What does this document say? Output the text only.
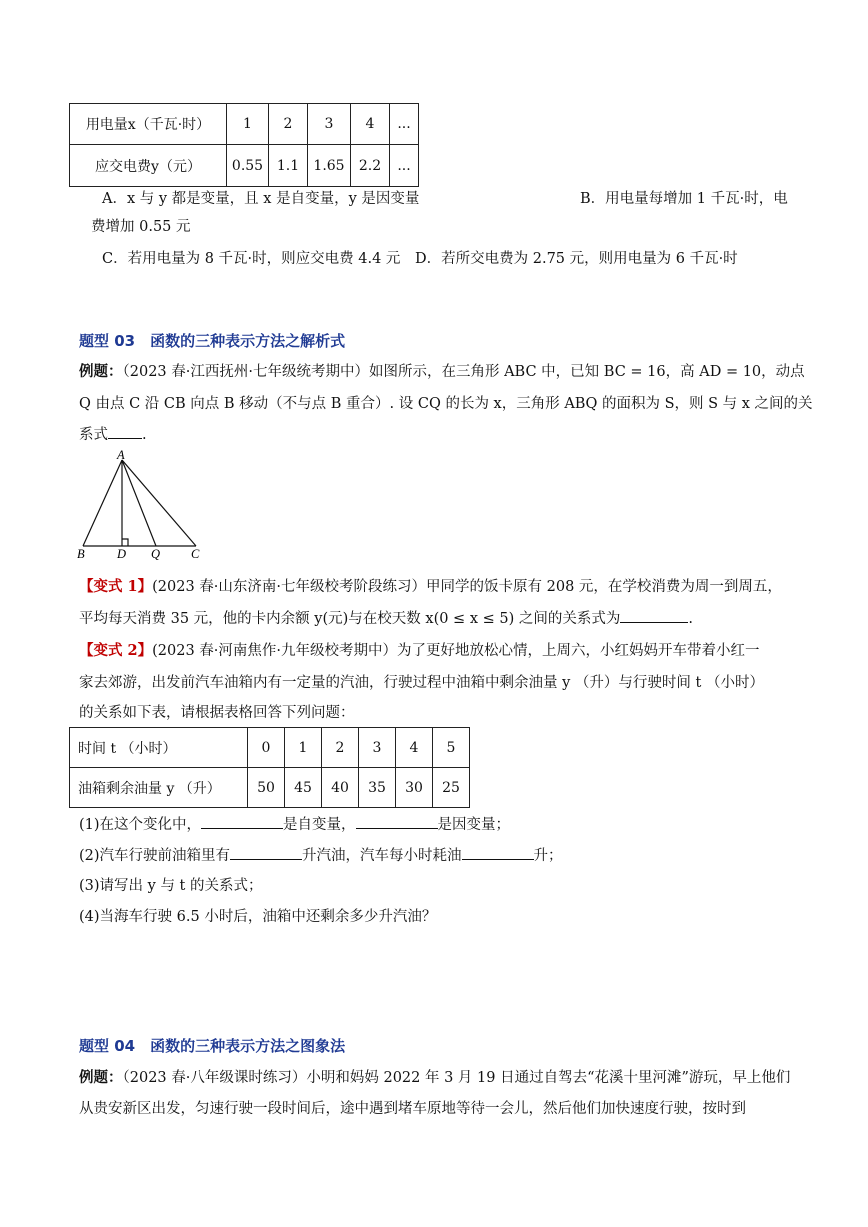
用电量x（千瓦·时）	1	2	3	4	...
应交电费y（元）	0.55	1.1	1.65	2.2	...
A．x 与 y 都是变量，且 x 是自变量，y 是因变量	B．用电量每增加 1 千瓦·时，电
费增加 0.55 元
C．若用电量为 8 千瓦·时，则应交电费 4.4 元 D．若所交电费为 2.75 元，则用电量为 6 千瓦·时
题型 03　函数的三种表示方法之解析式
例题：（2023 春·江西抚州·七年级统考期中）如图所示，在三角形 ABC 中，已知 BC = 16，高 AD = 10，动点
Q 由点 C 沿 CB 向点 B 移动（不与点 B 重合）. 设 CQ 的长为 x，三角形 ABQ 的面积为 S，则 S 与 x 之间的关
系式 .
A
B	D Q C
【变式 1】(2023 春·山东济南·七年级校考阶段练习）甲同学的饭卡原有 208 元，在学校消费为周一到周五，
平均每天消费 35 元，他的卡内余额 y(元)与在校天数 x(0 ≤ x ≤ 5) 之间的关系式为	.
【变式 2】(2023 春·河南焦作·九年级校考期中）为了更好地放松心情，上周六，小红妈妈开车带着小红一
家去郊游，出发前汽车油箱内有一定量的汽油，行驶过程中油箱中剩余油量 y （升）与行驶时间 t （小时）
的关系如下表，请根据表格回答下列问题：
时间 t （小时）	0	1	2	3	4	5
油箱剩余油量 y （升）	50	45	40	35	30	25
(1)在这个变化中，	是自变量，	是因变量；
(2)汽车行驶前油箱里有	升汽油，汽车每小时耗油	升；
(3)请写出 y 与 t 的关系式；
(4)当海车行驶 6.5 小时后，油箱中还剩余多少升汽油？
题型 04　函数的三种表示方法之图象法
例题：（2023 春·八年级课时练习）小明和妈妈 2022 年 3 月 19 日通过自驾去“花溪十里河滩”游玩，早上他们
从贵安新区出发，匀速行驶一段时间后，途中遇到堵车原地等待一会儿，然后他们加快速度行驶，按时到
